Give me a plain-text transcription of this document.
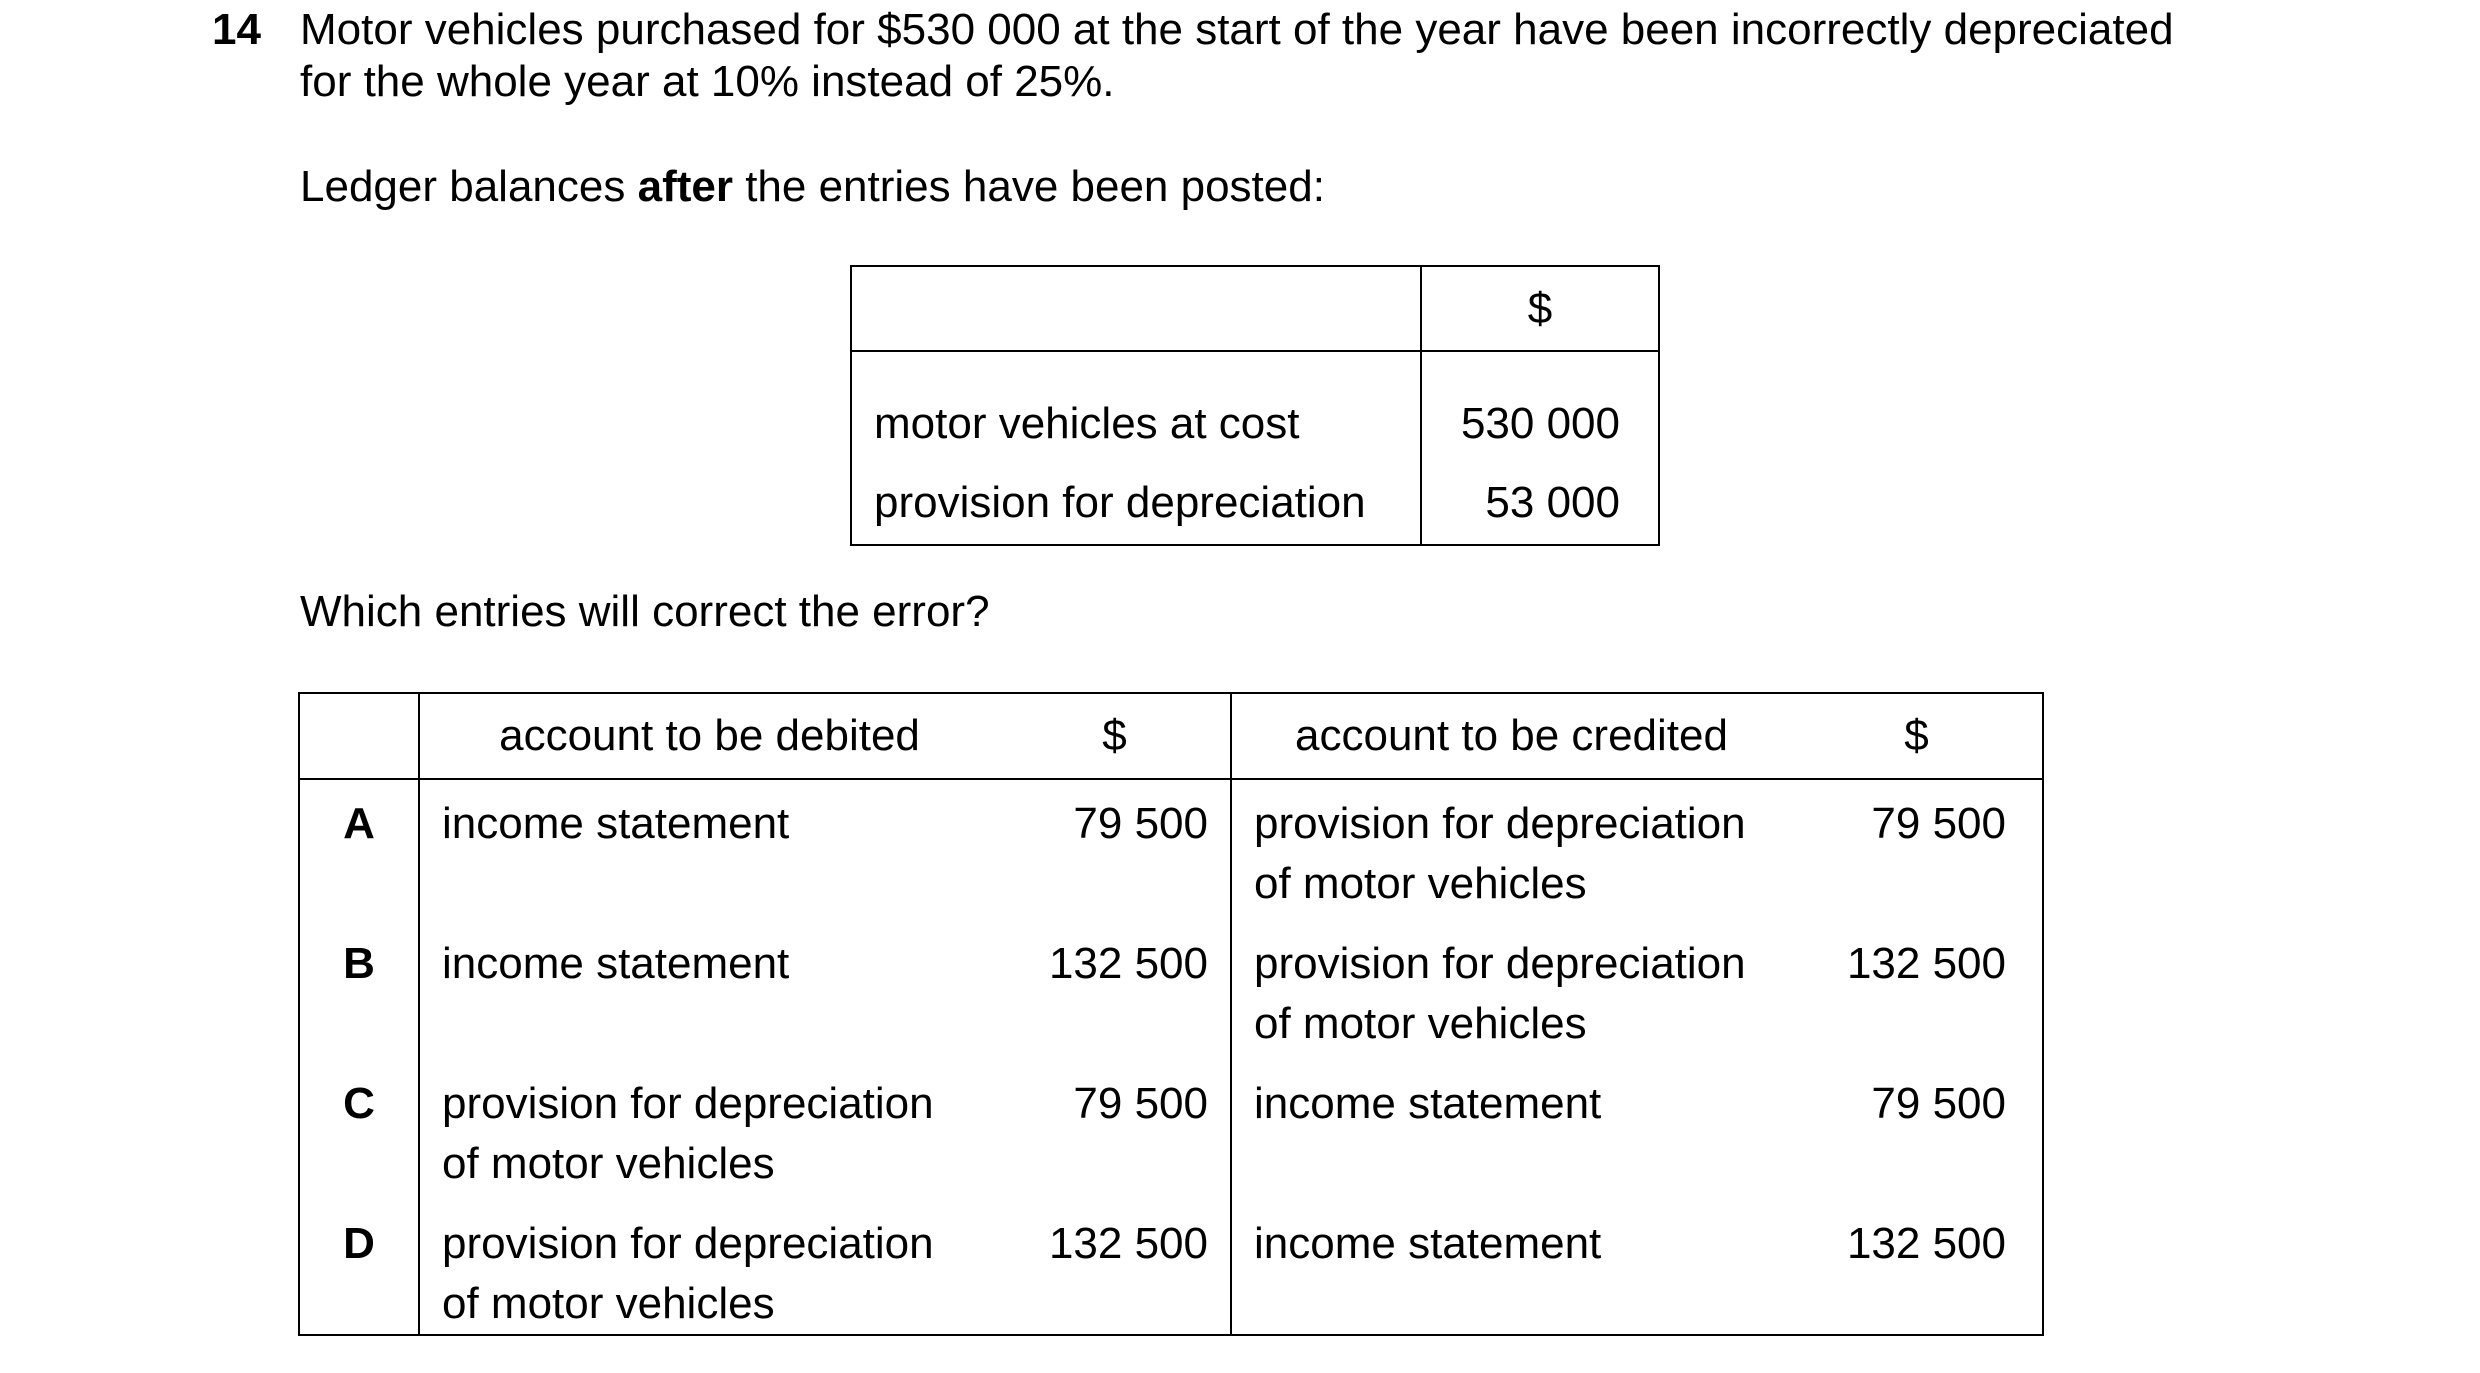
14 Motor vehicles purchased for $530 000 at the start of the year have been incorrectly depreciated
for the whole year at 10% instead of 25%.
Ledger balances after the entries have been posted:
	$
motor vehicles at cost	530 000
provision for depreciation	53 000
Which entries will correct the error?
	account to be debited	$	account to be credited	$
A	income statement	79 500	provision for depreciation
of motor vehicles	79 500
B	income statement	132 500	provision for depreciation
of motor vehicles	132 500
C	provision for depreciation
of motor vehicles	79 500	income statement	79 500
D	provision for depreciation
of motor vehicles	132 500	income statement	132 500
